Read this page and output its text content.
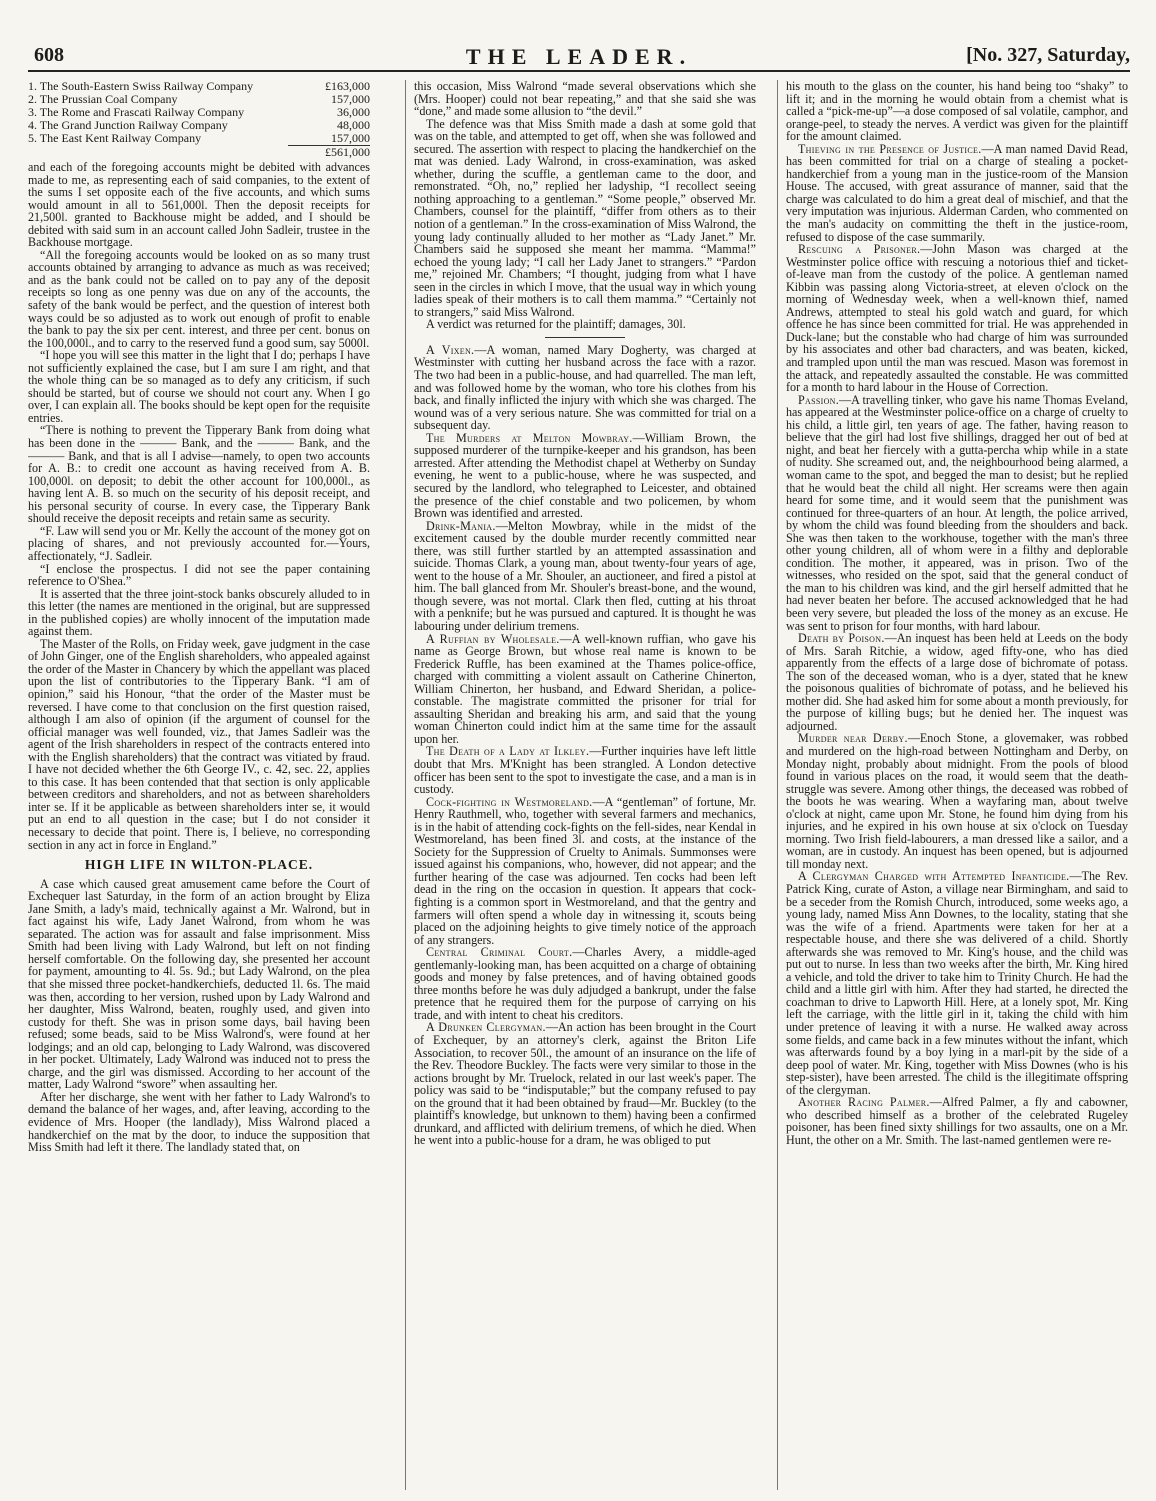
608	THE LEADER.	[No. 327, Saturday,
1. The South-Eastern Swiss Railway Company	£163,000
2. The Prussian Coal Company	157,000
3. The Rome and Frascati Railway Company	36,000
4. The Grand Junction Railway Company	48,000
5. The East Kent Railway Company	157,000
£561,000

and each of the foregoing accounts might be debited with advances made to me, as representing each of said companies, to the extent of the sums I set opposite each of the five accounts, and which sums would amount in all to 561,000l. Then the deposit receipts for 21,500l. granted to Backhouse might be added, and I should be debited with said sum in an account called John Sadleir, trustee in the Backhouse mortgage.

“All the foregoing accounts would be looked on as so many trust accounts obtained by arranging to advance as much as was received; and as the bank could not be called on to pay any of the deposit receipts so long as one penny was due on any of the accounts, the safety of the bank would be perfect, and the question of interest both ways could be so adjusted as to work out enough of profit to enable the bank to pay the six per cent. interest, and three per cent. bonus on the 100,000l., and to carry to the reserved fund a good sum, say 5000l.

“I hope you will see this matter in the light that I do; perhaps I have not sufficiently explained the case, but I am sure I am right, and that the whole thing can be so managed as to defy any criticism, if such should be started, but of course we should not court any. When I go over, I can explain all. The books should be kept open for the requisite entries.

“There is nothing to prevent the Tipperary Bank from doing what has been done in the ——— Bank, and the ——— Bank, and the ——— Bank, and that is all I advise—namely, to open two accounts for A. B.: to credit one account as having received from A. B. 100,000l. on deposit; to debit the other account for 100,000l., as having lent A. B. so much on the security of his deposit receipt, and his personal security of course. In every case, the Tipperary Bank should receive the deposit receipts and retain same as security.

“F. Law will send you or Mr. Kelly the account of the money got on placing of shares, and not previously accounted for.—Yours, affectionately, “J. Sadleir.

“I enclose the prospectus. I did not see the paper containing reference to O'Shea.”

It is asserted that the three joint-stock banks obscurely alluded to in this letter (the names are mentioned in the original, but are suppressed in the published copies) are wholly innocent of the imputation made against them.

The Master of the Rolls, on Friday week, gave judgment in the case of John Ginger, one of the English shareholders, who appealed against the order of the Master in Chancery by which the appellant was placed upon the list of contributories to the Tipperary Bank. “I am of opinion,” said his Honour, “that the order of the Master must be reversed. I have come to that conclusion on the first question raised, although I am also of opinion (if the argument of counsel for the official manager was well founded, viz., that James Sadleir was the agent of the Irish shareholders in respect of the contracts entered into with the English shareholders) that the contract was vitiated by fraud. I have not decided whether the 6th George IV., c. 42, sec. 22, applies to this case. It has been contended that that section is only applicable between creditors and shareholders, and not as between shareholders inter se. If it be applicable as between shareholders inter se, it would put an end to all question in the case; but I do not consider it necessary to decide that point. There is, I believe, no corresponding section in any act in force in England.”

HIGH LIFE IN WILTON-PLACE.

A case which caused great amusement came before the Court of Exchequer last Saturday, in the form of an action brought by Eliza Jane Smith, a lady's maid, technically against a Mr. Walrond, but in fact against his wife, Lady Janet Walrond, from whom he was separated. The action was for assault and false imprisonment. Miss Smith had been living with Lady Walrond, but left on not finding herself comfortable. On the following day, she presented her account for payment, amounting to 4l. 5s. 9d.; but Lady Walrond, on the plea that she missed three pocket-handkerchiefs, deducted 1l. 6s. The maid was then, according to her version, rushed upon by Lady Walrond and her daughter, Miss Walrond, beaten, roughly used, and given into custody for theft. She was in prison some days, bail having been refused; some beads, said to be Miss Walrond's, were found at her lodgings; and an old cap, belonging to Lady Walrond, was discovered in her pocket. Ultimately, Lady Walrond was induced not to press the charge, and the girl was dismissed. According to her account of the matter, Lady Walrond “swore” when assaulting her.

After her discharge, she went with her father to Lady Walrond's to demand the balance of her wages, and, after leaving, according to the evidence of Mrs. Hooper (the landlady), Miss Walrond placed a handkerchief on the mat by the door, to induce the supposition that Miss Smith had left it there. The landlady stated that, on

this occasion, Miss Walrond “made several observations which she (Mrs. Hooper) could not bear repeating,” and that she said she was “done,” and made some allusion to “the devil.”

The defence was that Miss Smith made a dash at some gold that was on the table, and attempted to get off, when she was followed and secured. The assertion with respect to placing the handkerchief on the mat was denied. Lady Walrond, in cross-examination, was asked whether, during the scuffle, a gentleman came to the door, and remonstrated. “Oh, no,” replied her ladyship, “I recollect seeing nothing approaching to a gentleman.” “Some people,” observed Mr. Chambers, counsel for the plaintiff, “differ from others as to their notion of a gentleman.” In the cross-examination of Miss Walrond, the young lady continually alluded to her mother as “Lady Janet.” Mr. Chambers said he supposed she meant her mamma. “Mamma!” echoed the young lady; “I call her Lady Janet to strangers.” “Pardon me,” rejoined Mr. Chambers; “I thought, judging from what I have seen in the circles in which I move, that the usual way in which young ladies speak of their mothers is to call them mamma.” “Certainly not to strangers,” said Miss Walrond.

A verdict was returned for the plaintiff; damages, 30l.

A Vixen.—A woman, named Mary Dogherty, was charged at Westminster with cutting her husband across the face with a razor. The two had been in a public-house, and had quarrelled. The man left, and was followed home by the woman, who tore his clothes from his back, and finally inflicted the injury with which she was charged. The wound was of a very serious nature. She was committed for trial on a subsequent day.

The Murders at Melton Mowbray.—William Brown, the supposed murderer of the turnpike-keeper and his grandson, has been arrested. After attending the Methodist chapel at Wetherby on Sunday evening, he went to a public-house, where he was suspected, and secured by the landlord, who telegraphed to Leicester, and obtained the presence of the chief constable and two policemen, by whom Brown was identified and arrested.

Drink-Mania.—Melton Mowbray, while in the midst of the excitement caused by the double murder recently committed near there, was still further startled by an attempted assassination and suicide. Thomas Clark, a young man, about twenty-four years of age, went to the house of a Mr. Shouler, an auctioneer, and fired a pistol at him. The ball glanced from Mr. Shouler's breast-bone, and the wound, though severe, was not mortal. Clark then fled, cutting at his throat with a penknife; but he was pursued and captured. It is thought he was labouring under delirium tremens.

A Ruffian by Wholesale.—A well-known ruffian, who gave his name as George Brown, but whose real name is known to be Frederick Ruffle, has been examined at the Thames police-office, charged with committing a violent assault on Catherine Chinerton, William Chinerton, her husband, and Edward Sheridan, a police-constable. The magistrate committed the prisoner for trial for assaulting Sheridan and breaking his arm, and said that the young woman Chinerton could indict him at the same time for the assault upon her.

The Death of a Lady at Ilkley.—Further inquiries have left little doubt that Mrs. M'Knight has been strangled. A London detective officer has been sent to the spot to investigate the case, and a man is in custody.

Cock-fighting in Westmoreland.—A “gentleman” of fortune, Mr. Henry Rauthmell, who, together with several farmers and mechanics, is in the habit of attending cock-fights on the fell-sides, near Kendal in Westmoreland, has been fined 3l. and costs, at the instance of the Society for the Suppression of Cruelty to Animals. Summonses were issued against his companions, who, however, did not appear; and the further hearing of the case was adjourned. Ten cocks had been left dead in the ring on the occasion in question. It appears that cock-fighting is a common sport in Westmoreland, and that the gentry and farmers will often spend a whole day in witnessing it, scouts being placed on the adjoining heights to give timely notice of the approach of any strangers.

Central Criminal Court.—Charles Avery, a middle-aged gentlemanly-looking man, has been acquitted on a charge of obtaining goods and money by false pretences, and of having obtained goods three months before he was duly adjudged a bankrupt, under the false pretence that he required them for the purpose of carrying on his trade, and with intent to cheat his creditors.

A Drunken Clergyman.—An action has been brought in the Court of Exchequer, by an attorney's clerk, against the Briton Life Association, to recover 50l., the amount of an insurance on the life of the Rev. Theodore Buckley. The facts were very similar to those in the actions brought by Mr. Truelock, related in our last week's paper. The policy was said to be “indisputable;” but the company refused to pay on the ground that it had been obtained by fraud—Mr. Buckley (to the plaintiff's knowledge, but unknown to them) having been a confirmed drunkard, and afflicted with delirium tremens, of which he died. When he went into a public-house for a dram, he was obliged to put

his mouth to the glass on the counter, his hand being too “shaky” to lift it; and in the morning he would obtain from a chemist what is called a “pick-me-up”—a dose composed of sal volatile, camphor, and orange-peel, to steady the nerves. A verdict was given for the plaintiff for the amount claimed.

Thieving in the Presence of Justice.—A man named David Read, has been committed for trial on a charge of stealing a pocket-handkerchief from a young man in the justice-room of the Mansion House. The accused, with great assurance of manner, said that the charge was calculated to do him a great deal of mischief, and that the very imputation was injurious. Alderman Carden, who commented on the man's audacity on committing the theft in the justice-room, refused to dispose of the case summarily.

Rescuing a Prisoner.—John Mason was charged at the Westminster police office with rescuing a notorious thief and ticket-of-leave man from the custody of the police. A gentleman named Kibbin was passing along Victoria-street, at eleven o'clock on the morning of Wednesday week, when a well-known thief, named Andrews, attempted to steal his gold watch and guard, for which offence he has since been committed for trial. He was apprehended in Duck-lane; but the constable who had charge of him was surrounded by his associates and other bad characters, and was beaten, kicked, and trampled upon until the man was rescued. Mason was foremost in the attack, and repeatedly assaulted the constable. He was committed for a month to hard labour in the House of Correction.

Passion.—A travelling tinker, who gave his name Thomas Eveland, has appeared at the Westminster police-office on a charge of cruelty to his child, a little girl, ten years of age. The father, having reason to believe that the girl had lost five shillings, dragged her out of bed at night, and beat her fiercely with a gutta-percha whip while in a state of nudity. She screamed out, and, the neighbourhood being alarmed, a woman came to the spot, and begged the man to desist; but he replied that he would beat the child all night. Her screams were then again heard for some time, and it would seem that the punishment was continued for three-quarters of an hour. At length, the police arrived, by whom the child was found bleeding from the shoulders and back. She was then taken to the workhouse, together with the man's three other young children, all of whom were in a filthy and deplorable condition. The mother, it appeared, was in prison. Two of the witnesses, who resided on the spot, said that the general conduct of the man to his children was kind, and the girl herself admitted that he had never beaten her before. The accused acknowledged that he had been very severe, but pleaded the loss of the money as an excuse. He was sent to prison for four months, with hard labour.

Death by Poison.—An inquest has been held at Leeds on the body of Mrs. Sarah Ritchie, a widow, aged fifty-one, who has died apparently from the effects of a large dose of bichromate of potass. The son of the deceased woman, who is a dyer, stated that he knew the poisonous qualities of bichromate of potass, and he believed his mother did. She had asked him for some about a month previously, for the purpose of killing bugs; but he denied her. The inquest was adjourned.

Murder near Derby.—Enoch Stone, a glovemaker, was robbed and murdered on the high-road between Nottingham and Derby, on Monday night, probably about midnight. From the pools of blood found in various places on the road, it would seem that the death-struggle was severe. Among other things, the deceased was robbed of the boots he was wearing. When a wayfaring man, about twelve o'clock at night, came upon Mr. Stone, he found him dying from his injuries, and he expired in his own house at six o'clock on Tuesday morning. Two Irish field-labourers, a man dressed like a sailor, and a woman, are in custody. An inquest has been opened, but is adjourned till monday next.

A Clergyman Charged with Attempted Infanticide.—The Rev. Patrick King, curate of Aston, a village near Birmingham, and said to be a seceder from the Romish Church, introduced, some weeks ago, a young lady, named Miss Ann Downes, to the locality, stating that she was the wife of a friend. Apartments were taken for her at a respectable house, and there she was delivered of a child. Shortly afterwards she was removed to Mr. King's house, and the child was put out to nurse. In less than two weeks after the birth, Mr. King hired a vehicle, and told the driver to take him to Trinity Church. He had the child and a little girl with him. After they had started, he directed the coachman to drive to Lapworth Hill. Here, at a lonely spot, Mr. King left the carriage, with the little girl in it, taking the child with him under pretence of leaving it with a nurse. He walked away across some fields, and came back in a few minutes without the infant, which was afterwards found by a boy lying in a marl-pit by the side of a deep pool of water. Mr. King, together with Miss Downes (who is his step-sister), have been arrested. The child is the illegitimate offspring of the clergyman.

Another Racing Palmer.—Alfred Palmer, a fly and cabowner, who described himself as a brother of the celebrated Rugeley poisoner, has been fined sixty shillings for two assaults, one on a Mr. Hunt, the other on a Mr. Smith. The last-named gentlemen were re-
